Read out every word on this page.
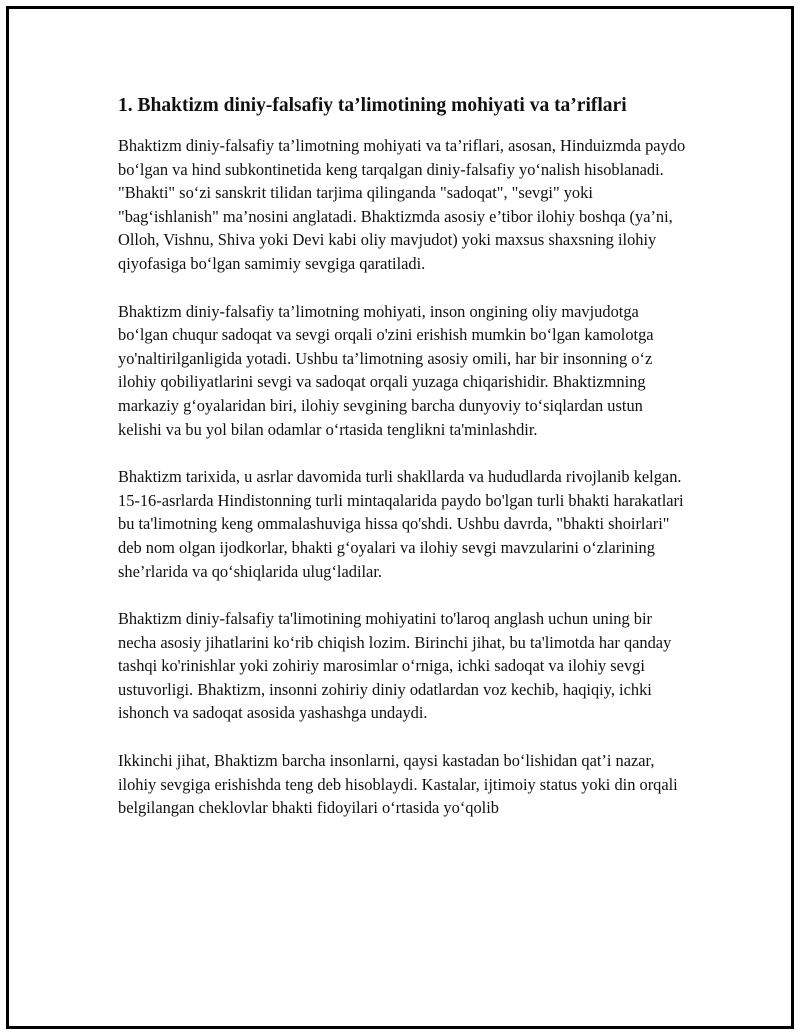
1. Bhaktizm diniy-falsafiy ta’limotining mohiyati va ta’riflari

Bhaktizm diniy-falsafiy ta’limotning mohiyati va ta’riflari, asosan, Hinduizmda paydo bo‘lgan va hind subkontinetida keng tarqalgan diniy-falsafiy yo‘nalish hisoblanadi. "Bhakti" so‘zi sanskrit tilidan tarjima qilinganda "sadoqat", "sevgi" yoki "bag‘ishlanish" ma’nosini anglatadi. Bhaktizmda asosiy e’tibor ilohiy boshqa (ya’ni, Olloh, Vishnu, Shiva yoki Devi kabi oliy mavjudot) yoki maxsus shaxsning ilohiy qiyofasiga bo‘lgan samimiy sevgiga qaratiladi.

Bhaktizm diniy-falsafiy ta’limotning mohiyati, inson ongining oliy mavjudotga bo‘lgan chuqur sadoqat va sevgi orqali o'zini erishish mumkin bo‘lgan kamolotga yo'naltirilganligida yotadi. Ushbu ta’limotning asosiy omili, har bir insonning o‘z ilohiy qobiliyatlarini sevgi va sadoqat orqali yuzaga chiqarishidir. Bhaktizmning markaziy g‘oyalaridan biri, ilohiy sevgining barcha dunyoviy to‘siqlardan ustun kelishi va bu yol bilan odamlar o‘rtasida tenglikni ta'minlashdir.

Bhaktizm tarixida, u asrlar davomida turli shakllarda va hududlarda rivojlanib kelgan. 15-16-asrlarda Hindistonning turli mintaqalarida paydo bo'lgan turli bhakti harakatlari bu ta'limotning keng ommalashuviga hissa qo'shdi. Ushbu davrda, "bhakti shoirlari" deb nom olgan ijodkorlar, bhakti g‘oyalari va ilohiy sevgi mavzularini o‘zlarining she’rlarida va qo‘shiqlarida ulug‘ladilar.

Bhaktizm diniy-falsafiy ta'limotining mohiyatini to'laroq anglash uchun uning bir necha asosiy jihatlarini ko‘rib chiqish lozim. Birinchi jihat, bu ta'limotda har qanday tashqi ko'rinishlar yoki zohiriy marosimlar o‘rniga, ichki sadoqat va ilohiy sevgi ustuvorligi. Bhaktizm, insonni zohiriy diniy odatlardan voz kechib, haqiqiy, ichki ishonch va sadoqat asosida yashashga undaydi.

Ikkinchi jihat, Bhaktizm barcha insonlarni, qaysi kastadan bo‘lishidan qat’i nazar, ilohiy sevgiga erishishda teng deb hisoblaydi. Kastalar, ijtimoiy status yoki din orqali belgilangan cheklovlar bhakti fidoyilari o‘rtasida yo‘qolib
